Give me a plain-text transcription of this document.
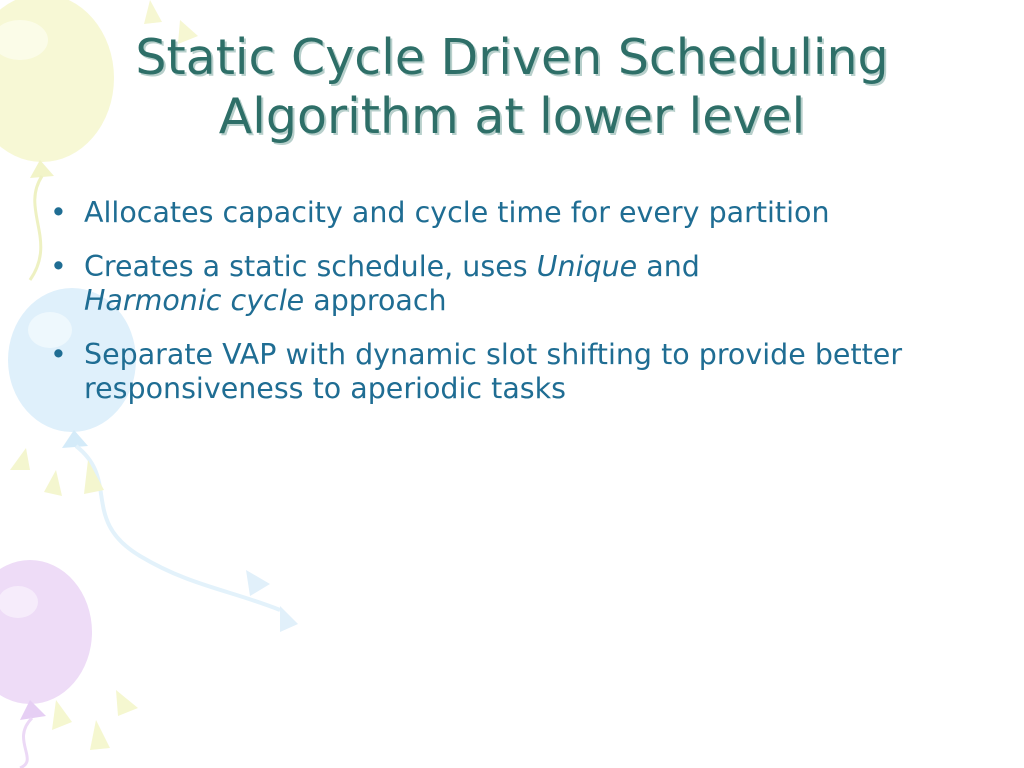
Static Cycle Driven Scheduling Algorithm at lower level
• Allocates capacity and cycle time for every partition
• Creates a static schedule, uses Unique and
Harmonic cycle approach
• Separate VAP with dynamic slot shifting to provide better responsiveness to aperiodic tasks
